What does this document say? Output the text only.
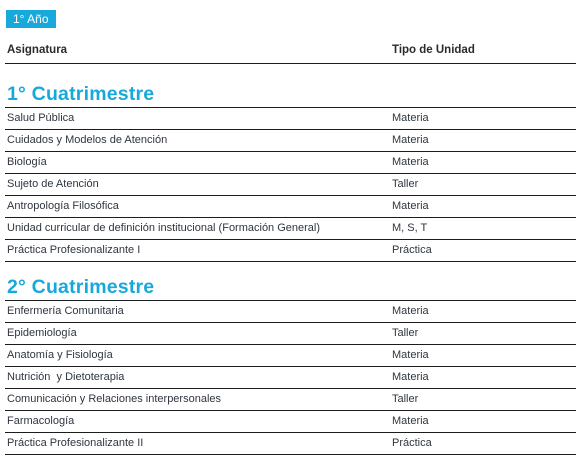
1° Año
Asignatura	Tipo de Unidad
1° Cuatrimestre
Salud Pública	Materia
Cuidados y Modelos de Atención	Materia
Biología	Materia
Sujeto de Atención	Taller
Antropología Filosófica	Materia
Unidad curricular de definición institucional (Formación General)	M, S, T
Práctica Profesionalizante I	Práctica
2° Cuatrimestre
Enfermería Comunitaria	Materia
Epidemiología	Taller
Anatomía y Fisiología	Materia
Nutrición  y Dietoterapia	Materia
Comunicación y Relaciones interpersonales	Taller
Farmacología	Materia
Práctica Profesionalizante II	Práctica
